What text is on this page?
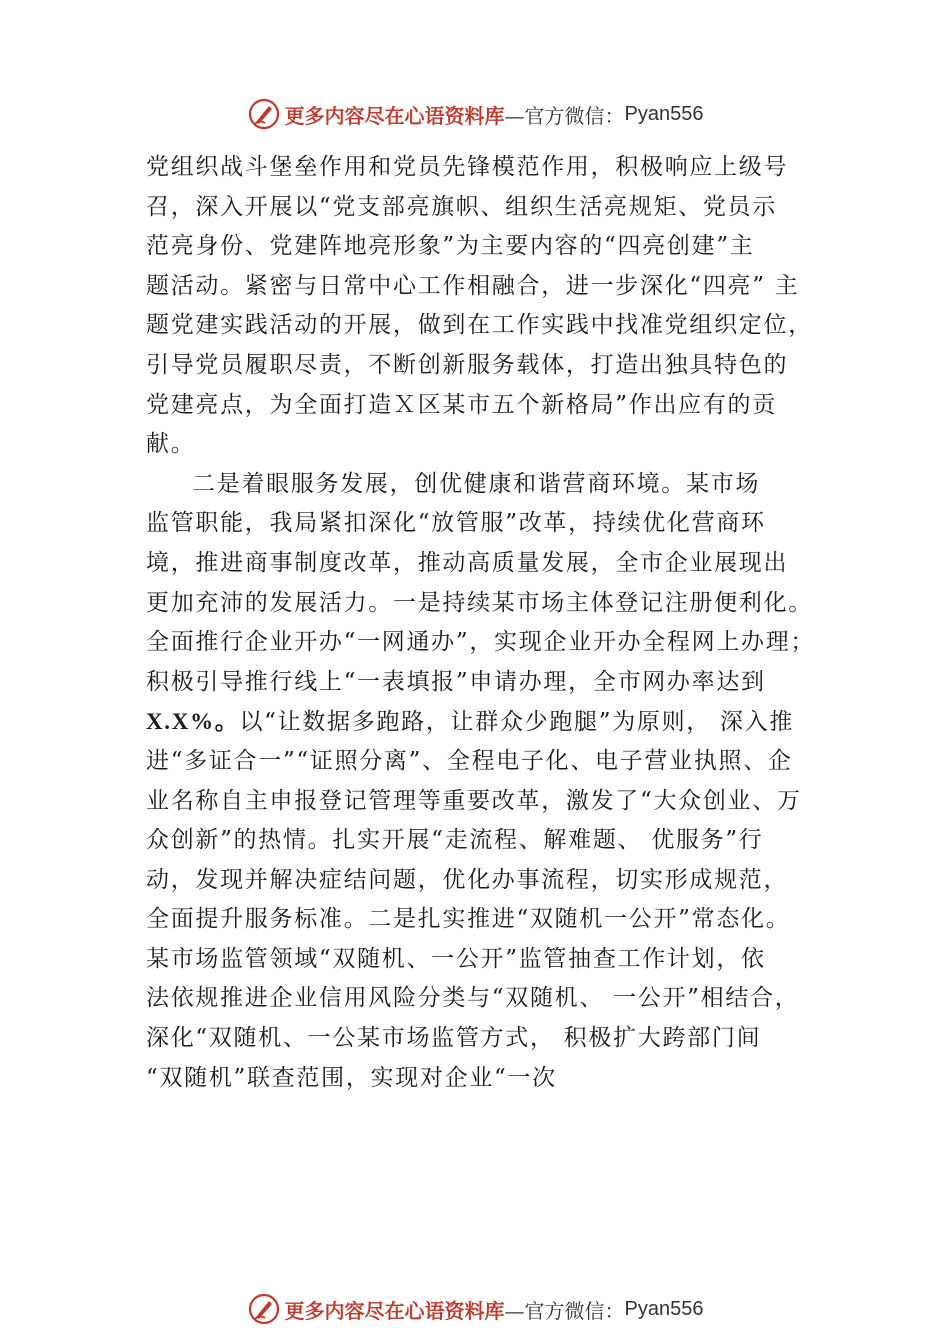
更多内容尽在心语资料库 —官方微信： Pyan556
党组织战斗堡垒作用和党员先锋模范作用，积极响应上级号
召，深入开展以“党支部亮旗帜、组织生活亮规矩、党员示
范亮身份、党建阵地亮形象”为主要内容的“四亮创建”主
题活动。紧密与日常中心工作相融合，进一步深化“四亮” 主
题党建实践活动的开展，做到在工作实践中找准党组织定位，
引导党员履职尽责，不断创新服务载体，打造出独具特色的
党建亮点，为全面打造Ｘ区某市五个新格局”作出应有的贡
献。
二是着眼服务发展，创优健康和谐营商环境。某市场
监管职能，我局紧扣深化“放管服”改革，持续优化营商环
境，推进商事制度改革，推动高质量发展，全市企业展现出
更加充沛的发展活力。一是持续某市场主体登记注册便利化。
全面推行企业开办“一网通办”，实现企业开办全程网上办理；
积极引导推行线上“一表填报”申请办理，全市网办率达到
X.X%。以“让数据多跑路，让群众少跑腿”为原则， 深入推
进“多证合一”“证照分离”、全程电子化、电子营业执照、企
业名称自主申报登记管理等重要改革，激发了“大众创业、万
众创新”的热情。扎实开展“走流程、解难题、 优服务”行
动，发现并解决症结问题，优化办事流程，切实形成规范，
全面提升服务标准。二是扎实推进“双随机一公开”常态化。
某市场监管领域“双随机、一公开”监管抽查工作计划，依
法依规推进企业信用风险分类与“双随机、 一公开”相结合，
深化“双随机、一公某市场监管方式， 积极扩大跨部门间
“双随机”联查范围，实现对企业“一次
更多内容尽在心语资料库 —官方微信： Pyan556
